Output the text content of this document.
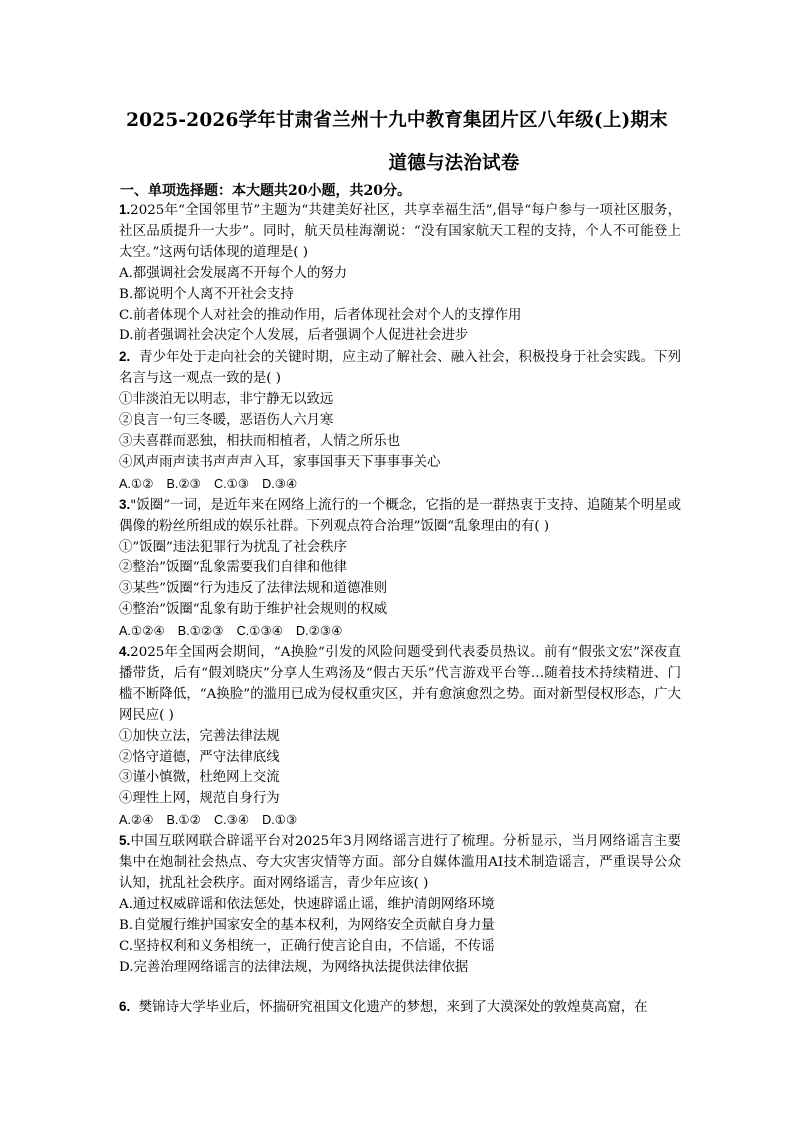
2025-2026学年甘肃省兰州十九中教育集团片区八年级(上)期末
道德与法治试卷
一、单项选择题：本大题共20小题，共20分。

1.2025年“全国邻里节”主题为“共建美好社区，共享幸福生活”,倡导“每户参与一项社区服务，社区品质提升一大步”。同时，航天员桂海潮说：“没有国家航天工程的支持，个人不可能登上太空。”这两句话体现的道理是( )

A.都强调社会发展离不开每个人的努力

B.都说明个人离不开社会支持

C.前者体现个人对社会的推动作用，后者体现社会对个人的支撑作用

D.前者强调社会决定个人发展，后者强调个人促进社会进步

2. 青少年处于走向社会的关键时期，应主动了解社会、融入社会，积极投身于社会实践。下列名言与这一观点一致的是( )

①非淡泊无以明志，非宁静无以致远

②良言一句三冬暖，恶语伤人六月寒

③夫喜群而恶独，相扶而相植者，人情之所乐也

④风声雨声读书声声声入耳，家事国事天下事事事关心

A.①② B.②③ C.①③ D.③④

3."饭圈“一词，是近年来在网络上流行的一个概念，它指的是一群热衷于支持、追随某个明星或偶像的粉丝所组成的娱乐社群。下列观点符合治理”饭圈“乱象理由的有( )

①”饭圈”违法犯罪行为扰乱了社会秩序

②整治”饭圈“乱象需要我们自律和他律

③某些”饭圈“行为违反了法律法规和道德准则

④整治”饭圈“乱象有助于维护社会规则的权威

A.①②④ B.①②③ C.①③④ D.②③④

4.2025年全国两会期间，“A换脸“引发的风险问题受到代表委员热议。前有“假张文宏”深夜直播带货，后有“假刘晓庆”分享人生鸡汤及“假古天乐”代言游戏平台等…随着技术持续精进、门槛不断降低，“A换脸”的滥用已成为侵权重灾区，并有愈演愈烈之势。面对新型侵权形态，广大网民应( )

①加快立法，完善法律法规

②恪守道德，严守法律底线

③谨小慎微，杜绝网上交流

④理性上网，规范自身行为

A.②④ B.①② C.③④ D.①③

5.中国互联网联合辟谣平台对2025年3月网络谣言进行了梳理。分析显示，当月网络谣言主要集中在炮制社会热点、夸大灾害灾情等方面。部分自媒体滥用AI技术制造谣言，严重误导公众认知，扰乱社会秩序。面对网络谣言，青少年应该( )

A.通过权威辟谣和依法惩处，快速辟谣止谣，维护清朗网络环境

B.自觉履行维护国家安全的基本权利，为网络安全贡献自身力量

C.坚持权利和义务相统一，正确行使言论自由，不信谣，不传谣

D.完善治理网络谣言的法律法规，为网络执法提供法律依据

6. 樊锦诗大学毕业后，怀揣研究祖国文化遗产的梦想，来到了大漠深处的敦煌莫高窟，在
